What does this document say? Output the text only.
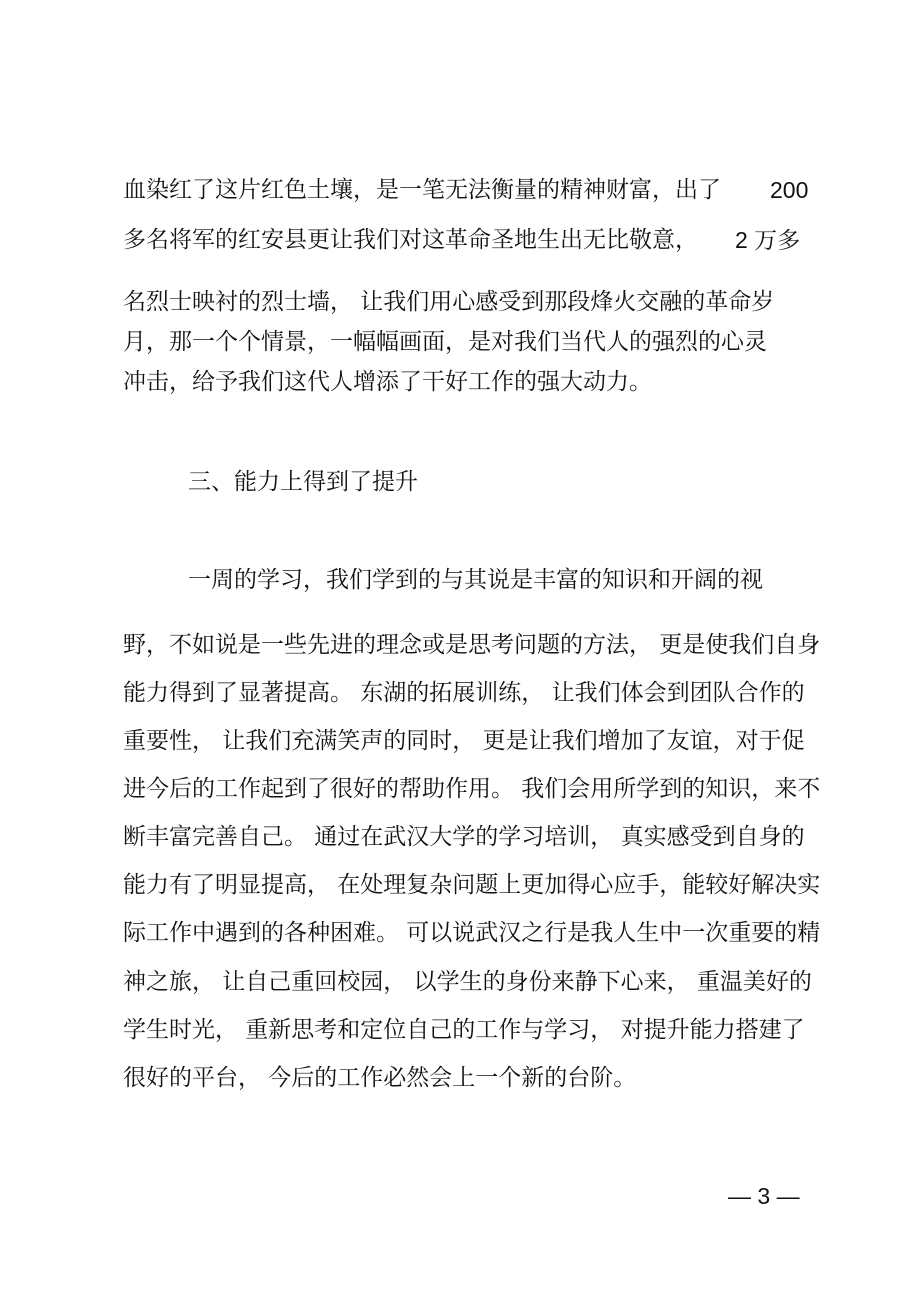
血染红了这片红色土壤，是一笔无法衡量的精神财富，出了 200
多名将军的红安县更让我们对这革命圣地生出无比敬意， 2 万多
名烈士映衬的烈士墙， 让我们用心感受到那段烽火交融的革命岁
月，那一个个情景，一幅幅画面，是对我们当代人的强烈的心灵
冲击，给予我们这代人增添了干好工作的强大动力。
三、能力上得到了提升
一周的学习，我们学到的与其说是丰富的知识和开阔的视
野，不如说是一些先进的理念或是思考问题的方法， 更是使我们自身
能力得到了显著提高。 东湖的拓展训练， 让我们体会到团队合作的
重要性， 让我们充满笑声的同时， 更是让我们增加了友谊，对于促
进今后的工作起到了很好的帮助作用。 我们会用所学到的知识，来不
断丰富完善自己。 通过在武汉大学的学习培训， 真实感受到自身的
能力有了明显提高， 在处理复杂问题上更加得心应手，能较好解决实
际工作中遇到的各种困难。 可以说武汉之行是我人生中一次重要的精
神之旅， 让自己重回校园， 以学生的身份来静下心来， 重温美好的
学生时光， 重新思考和定位自己的工作与学习， 对提升能力搭建了
很好的平台， 今后的工作必然会上一个新的台阶。
— 3 —
